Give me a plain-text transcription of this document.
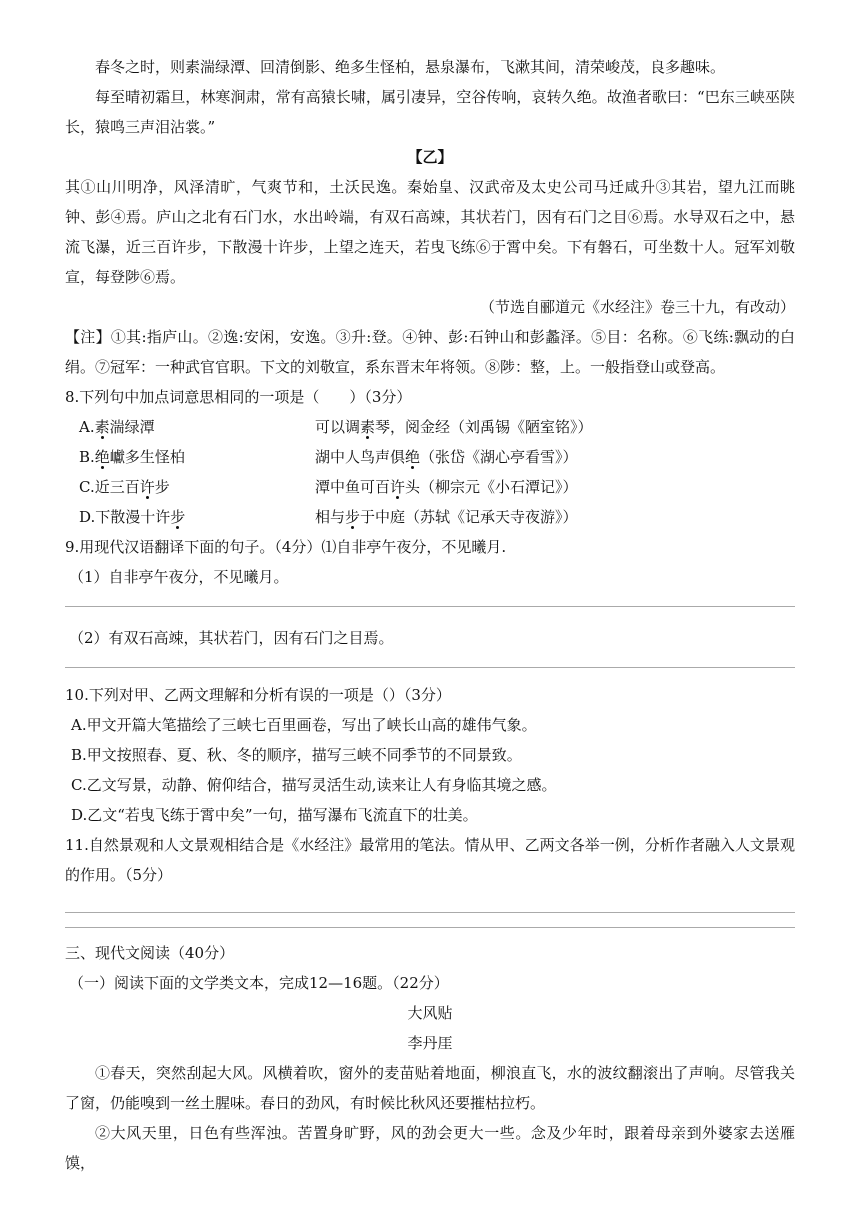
春冬之时，则素湍绿潭、回清倒影、绝多生怪柏，悬泉瀑布，飞漱其间，清荣峻茂，良多趣味。

每至晴初霜旦，林寒涧肃，常有高猿长啸，属引凄异，空谷传响，哀转久绝。故渔者歌曰：“巴东三峡巫陕长，猿鸣三声泪沾裳。”

【乙】

其①山川明净，风泽清旷，气爽节和，土沃民逸。秦始皇、汉武帝及太史公司马迁咸升③其岩，望九江而眺钟、彭④焉。庐山之北有石门水，水出岭端，有双石高竦，其状若门，因有石门之目⑥焉。水导双石之中，悬流飞瀑，近三百许步，下散漫十许步，上望之连天，若曳飞练⑥于霄中矣。下有磐石，可坐数十人。冠军刘敬宣，每登陟⑥焉。

（节选自郦道元《水经注》卷三十九，有改动）

【注】①其:指庐山。②逸:安闲，安逸。③升:登。④钟、彭:石钟山和彭蠡泽。⑤目：名称。⑥飞练:飘动的白绢。⑦冠军：一种武官官职。下文的刘敬宣，系东晋末年将领。⑧陟：整，上。一般指登山或登高。

8.下列句中加点词意思相同的一项是（　　）（3分）

A.素湍绿潭	可以调素琴，阅金经（刘禹锡《陋室铭》）
B.绝巘多生怪柏	湖中人鸟声俱绝（张岱《湖心亭看雪》）
C.近三百许步	潭中鱼可百许头（柳宗元《小石潭记》）
D.下散漫十许步	相与步于中庭（苏轼《记承天寺夜游》）

9.用现代汉语翻译下面的句子。（4分）⑴自非亭午夜分，不见曦月.

（1）自非亭午夜分，不见曦月。

（2）有双石高竦，其状若门，因有石门之目焉。

10.下列对甲、乙两文理解和分析有误的一项是（）（3分）

A.甲文开篇大笔描绘了三峡七百里画卷，写出了峡长山高的雄伟气象。

B.甲文按照春、夏、秋、冬的顺序，描写三峡不同季节的不同景致。

C.乙文写景，动静、俯仰结合，描写灵活生动,读来让人有身临其境之感。

D.乙文“若曳飞练于霄中矣”一句，描写瀑布飞流直下的壮美。

11.自然景观和人文景观相结合是《水经注》最常用的笔法。情从甲、乙两文各举一例，分析作者融入人文景观的作用。（5分）

三、现代文阅读（40分）

（一）阅读下面的文学类文本，完成12—16题。（22分）

大风贴

李丹厓

①春天，突然刮起大风。风横着吹，窗外的麦苗贴着地面，柳浪直飞，水的波纹翻滚出了声响。尽管我关了窗，仍能嗅到一丝土腥味。春日的劲风，有时候比秋风还要摧枯拉朽。

②大风天里，日色有些浑浊。苦置身旷野，风的劲会更大一些。念及少年时，跟着母亲到外婆家去送雁馍，
